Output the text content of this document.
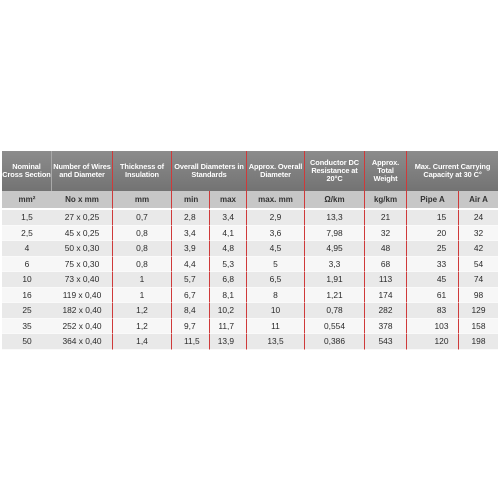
Nominal Cross Section	Number of Wires and Diameter	Thickness of Insulation	Overall Diameters in Standards		Approx. Overall Diameter	Conductor DC Resistance at 20°C	Approx. Total Weight	Max. Current Carrying Capacity at 30 C°	
mm²	No x mm	mm	min	max	max. mm	Ω/km	kg/km	Pipe A	Air A
1,5	27 x 0,25	0,7	2,8	3,4	2,9	13,3	21	15	24
2,5	45 x 0,25	0,8	3,4	4,1	3,6	7,98	32	20	32
4	50 x 0,30	0,8	3,9	4,8	4,5	4,95	48	25	42
6	75 x 0,30	0,8	4,4	5,3	5	3,3	68	33	54
10	73 x 0,40	1	5,7	6,8	6,5	1,91	113	45	74
16	119 x 0,40	1	6,7	8,1	8	1,21	174	61	98
25	182 x 0,40	1,2	8,4	10,2	10	0,78	282	83	129
35	252 x 0,40	1,2	9,7	11,7	11	0,554	378	103	158
50	364 x 0,40	1,4	11,5	13,9	13,5	0,386	543	120	198
